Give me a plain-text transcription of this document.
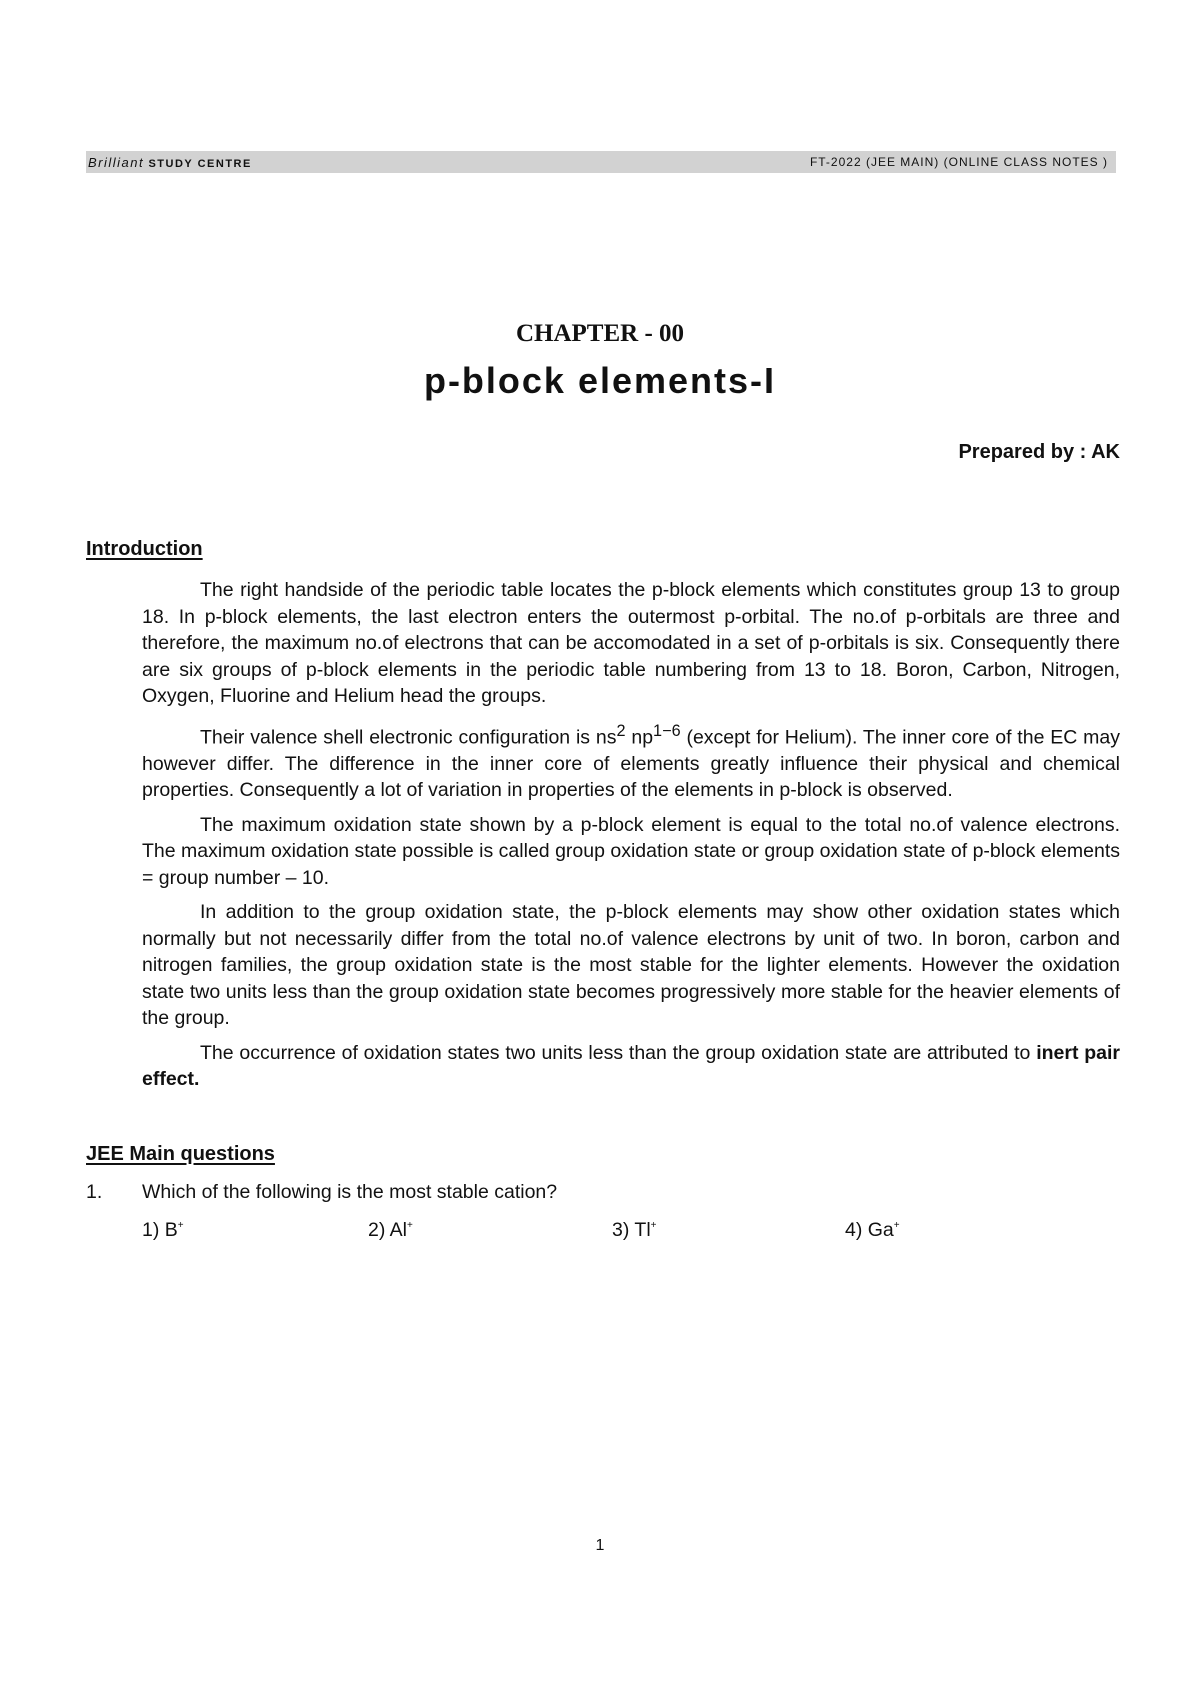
Brilliant STUDY CENTRE	FT-2022 (JEE MAIN) (ONLINE CLASS NOTES )
CHAPTER - 00
p-block elements-I
Prepared by : AK
Introduction

The right handside of the periodic table locates the p-block elements which constitutes group 13 to group 18. In p-block elements, the last electron enters the outermost p-orbital. The no.of p-orbitals are three and therefore, the maximum no.of electrons that can be accomodated in a set of p-orbitals is six. Consequently there are six groups of p-block elements in the periodic table numbering from 13 to 18. Boron, Carbon, Nitrogen, Oxygen, Fluorine and Helium head the groups.

Their valence shell electronic configuration is $ns^2$ $np^{1-6}$ (except for Helium). The inner core of the EC may however differ. The difference in the inner core of elements greatly influence their physical and chemical properties. Consequently a lot of variation in properties of the elements in p-block is observed.

The maximum oxidation state shown by a p-block element is equal to the total no.of valence electrons. The maximum oxidation state possible is called group oxidation state or group oxidation state of p-block elements = group number – 10.

In addition to the group oxidation state, the p-block elements may show other oxidation states which normally but not necessarily differ from the total no.of valence electrons by unit of two. In boron, carbon and nitrogen families, the group oxidation state is the most stable for the lighter elements. However the oxidation state two units less than the group oxidation state becomes progressively more stable for the heavier elements of the group.

The occurrence of oxidation states two units less than the group oxidation state are attributed to inert pair effect.

JEE Main questions
1.	Which of the following is the most stable cation?
1) B+	2) Al+	3) Tl+	4) Ga+
1
